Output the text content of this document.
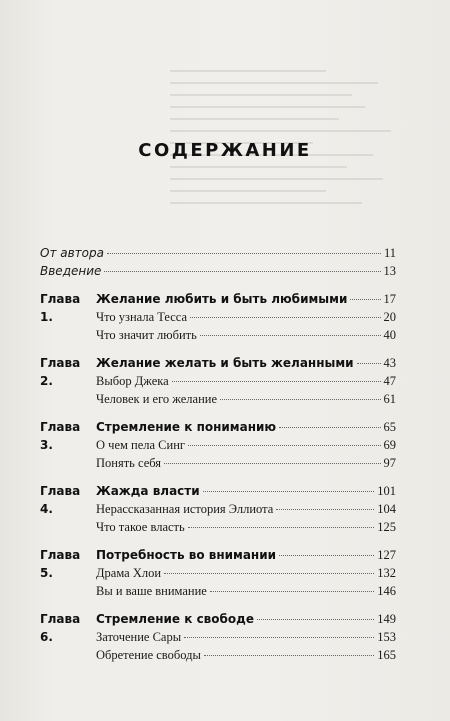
СОДЕРЖАНИЕ
От автора	11
Введение	13
Глава 1.
Желание любить и быть любимыми	17
Что узнала Тесса	20
Что значит любить	40
Глава 2.
Желание желать и быть желанными 43
Выбор Джека	47
Человек и его желание	61
Глава 3.
Стремление к пониманию	65
О чем пела Синг	69
Понять себя	97
Глава 4.
Жажда власти	101
Нерассказанная история Эллиота	104
Что такое власть	125
Глава 5.
Потребность во внимании	127
Драма Хлои	132
Вы и ваше внимание	146
Глава 6.
Стремление к свободе	149
Заточение Сары	153
Обретение свободы	165
